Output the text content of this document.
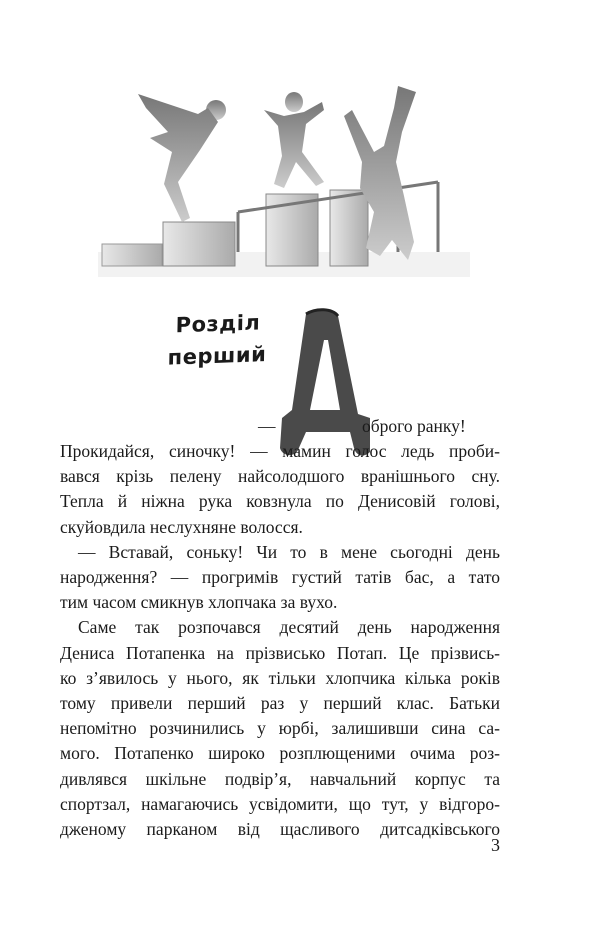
Розділ
перший
—	оброго ранку!
Прокидайся, синочку! — мамин голос ледь проби-
вався крізь пелену найсолодшого вранішнього сну.
Тепла й ніжна рука ковзнула по Денисовій голові,
скуйовдила неслухняне волосся.
— Вставай, соньку! Чи то в мене сьогодні день
народження? — прогримів густий татів бас, а тато
тим часом смикнув хлопчака за вухо.
Саме так розпочався десятий день народження
Дениса Потапенка на прізвисько Потап. Це прізвись-
ко з’явилось у нього, як тільки хлопчика кілька років
тому привели перший раз у перший клас. Батьки
непомітно розчинились у юрбі, залишивши сина са-
мого. Потапенко широко розплющеними очима роз-
дивлявся шкільне подвір’я, навчальний корпус та
спортзал, намагаючись усвідомити, що тут, у відгоро-
дженому парканом від щасливого дитсадківського
3
